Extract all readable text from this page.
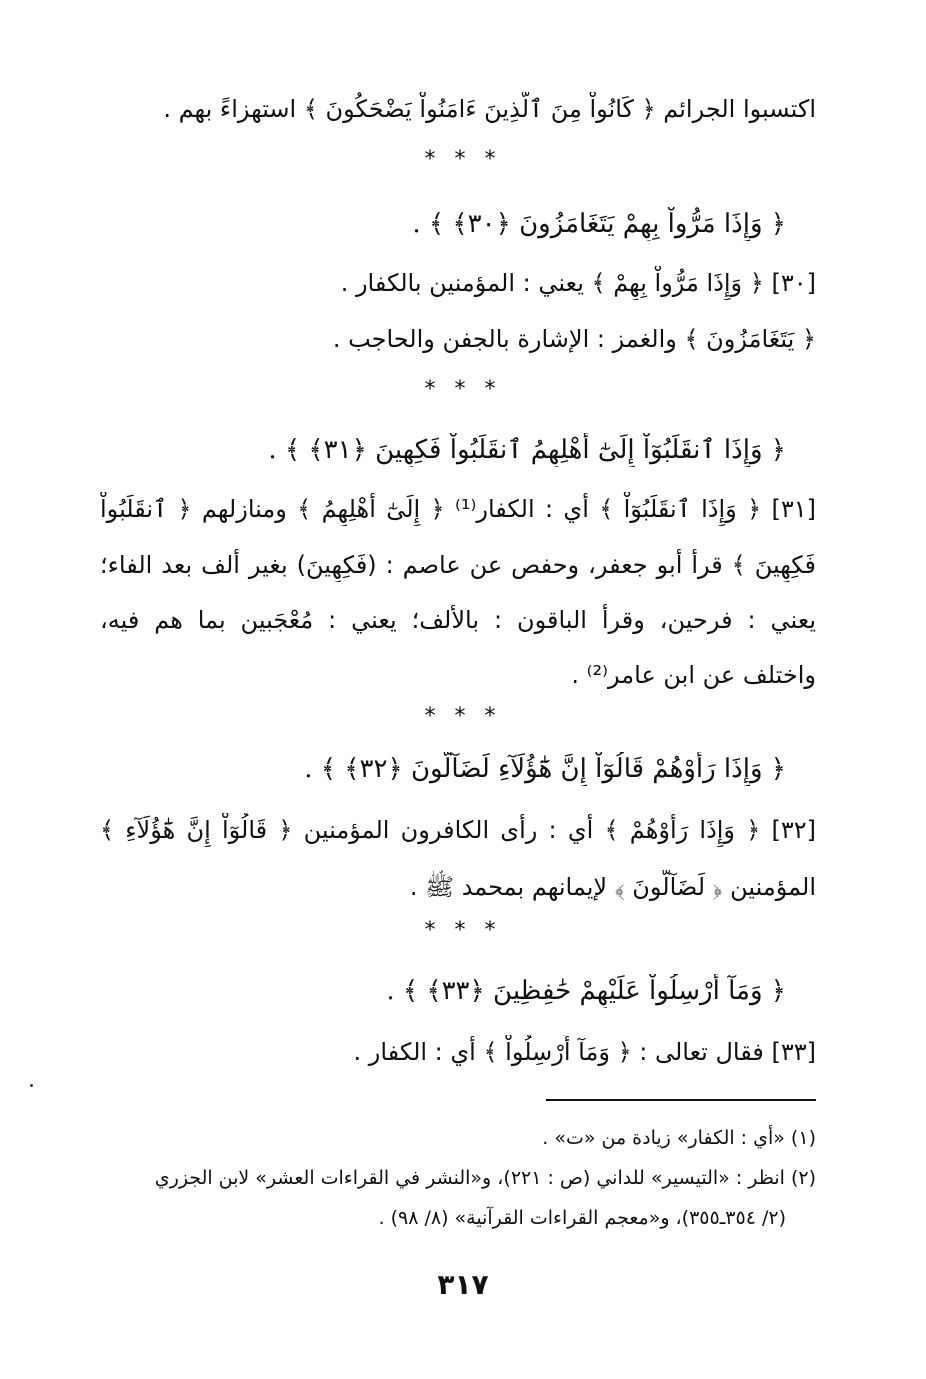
اكتسبوا الجرائم ﴿ كَانُواْ مِنَ ٱلَّذِينَ ءَامَنُواْ يَضْحَكُونَ ﴾ استهزاءً بهم .
* * *
﴿ وَإِذَا مَرُّواْ بِهِمْ يَتَغَامَزُونَ ﴿٣٠﴾ ﴾ .
[٣٠] ﴿ وَإِذَا مَرُّواْ بِهِمْ ﴾ يعني : المؤمنين بالكفار .
﴿ يَتَغَامَزُونَ ﴾ والغمز : الإشارة بالجفن والحاجب .
* * *
﴿ وَإِذَا ٱنقَلَبُوٓاْ إِلَىٰٓ أَهْلِهِمُ ٱنقَلَبُواْ فَكِهِينَ ﴿٣١﴾ ﴾ .
[٣١] ﴿ وَإِذَا ٱنقَلَبُوٓاْ ﴾ أي : الكفار⁽¹⁾ ﴿ إِلَىٰٓ أَهْلِهِمُ ﴾ ومنازلهم ﴿ ٱنقَلَبُواْ
فَكِهِينَ ﴾ قرأ أبو جعفر، وحفص عن عاصم : (فَكِهِينَ) بغير ألف بعد الفاء؛
يعني : فرحين، وقرأ الباقون : بالألف؛ يعني : مُعْجَبين بما هم فيه،
واختلف عن ابن عامر⁽²⁾ .
* * *
﴿ وَإِذَا رَأَوْهُمْ قَالُوٓاْ إِنَّ هَٰٓؤُلَآءِ لَضَآلُّونَ ﴿٣٢﴾ ﴾ .
[٣٢] ﴿ وَإِذَا رَأَوْهُمْ ﴾ أي : رأى الكافرون المؤمنين ﴿ قَالُوٓاْ إِنَّ هَٰٓؤُلَآءِ ﴾
المؤمنين ﴿ لَضَآلُّونَ ﴾ لإيمانهم بمحمد ﷺ .
* * *
﴿ وَمَآ أُرْسِلُواْ عَلَيْهِمْ حَٰفِظِينَ ﴿٣٣﴾ ﴾ .
[٣٣] فقال تعالى : ﴿ وَمَآ أُرْسِلُواْ ﴾ أي : الكفار .
(١) «أي : الكفار» زيادة من «ت» .
(٢) انظر : «التيسير» للداني (ص : ٢٢١)، و«النشر في القراءات العشر» لابن الجزري
(٢/ ٣٥٤ـ٣٥٥)، و«معجم القراءات القرآنية» (٨/ ٩٨) .
٣١٧
